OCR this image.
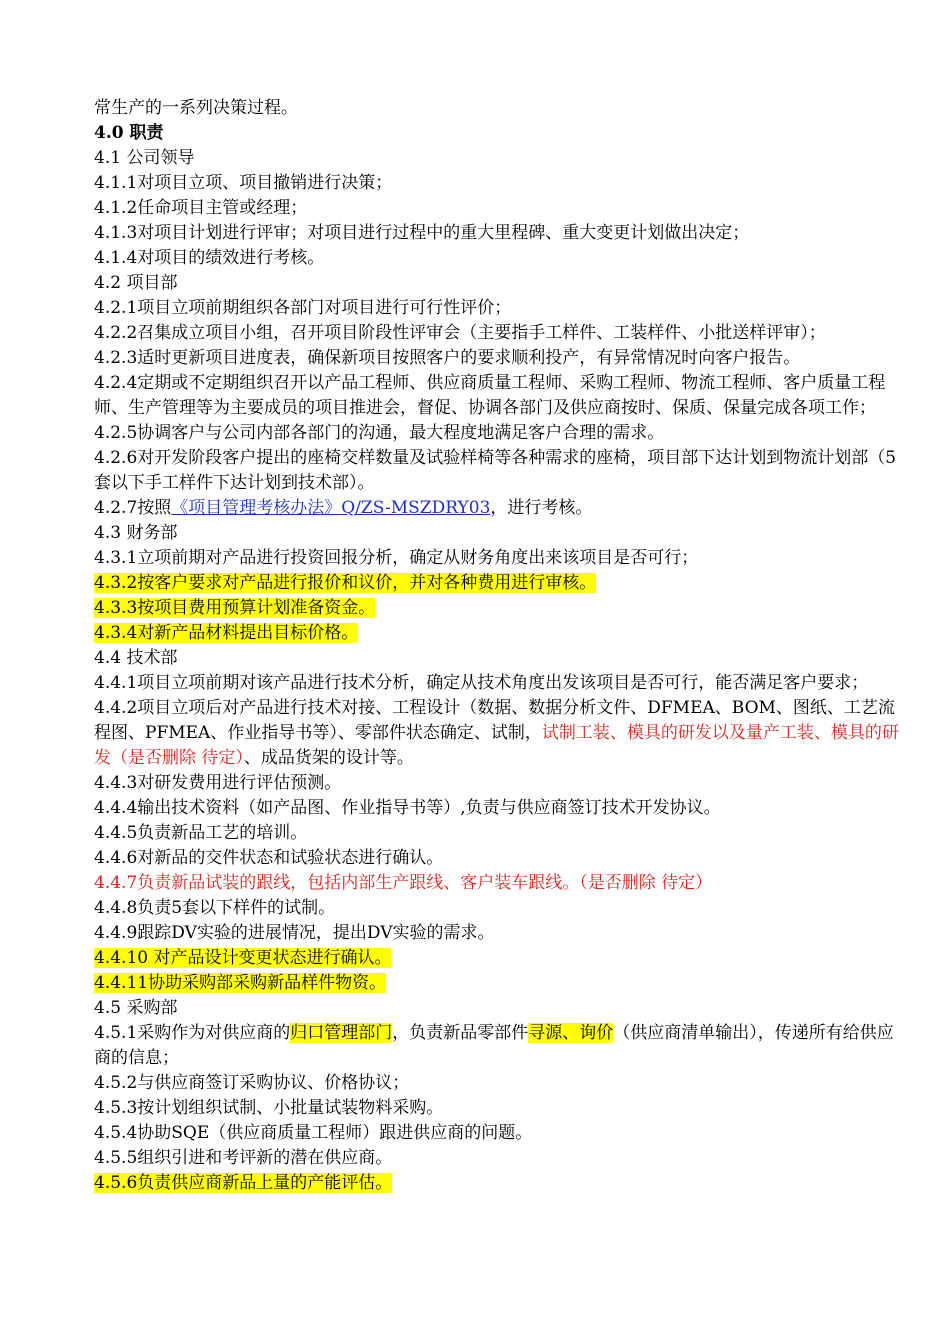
常生产的一系列决策过程。

4.0 职责

4.1 公司领导

4.1.1对项目立项、项目撤销进行决策；

4.1.2任命项目主管或经理；

4.1.3对项目计划进行评审；对项目进行过程中的重大里程碑、重大变更计划做出决定；

4.1.4对项目的绩效进行考核。

4.2 项目部

4.2.1项目立项前期组织各部门对项目进行可行性评价；

4.2.2召集成立项目小组，召开项目阶段性评审会（主要指手工样件、工装样件、小批送样评审）；

4.2.3适时更新项目进度表，确保新项目按照客户的要求顺利投产，有异常情况时向客户报告。

4.2.4定期或不定期组织召开以产品工程师、供应商质量工程师、采购工程师、物流工程师、客户质量工程师、生产管理等为主要成员的项目推进会，督促、协调各部门及供应商按时、保质、保量完成各项工作；

4.2.5协调客户与公司内部各部门的沟通，最大程度地满足客户合理的需求。

4.2.6对开发阶段客户提出的座椅交样数量及试验样椅等各种需求的座椅，项目部下达计划到物流计划部（5套以下手工样件下达计划到技术部）。

4.2.7按照《项目管理考核办法》Q/ZS-MSZDRY03，进行考核。

4.3 财务部

4.3.1立项前期对产品进行投资回报分析，确定从财务角度出来该项目是否可行；

4.3.2按客户要求对产品进行报价和议价，并对各种费用进行审核。

4.3.3按项目费用预算计划准备资金。

4.3.4对新产品材料提出目标价格。

4.4 技术部

4.4.1项目立项前期对该产品进行技术分析，确定从技术角度出发该项目是否可行，能否满足客户要求；

4.4.2项目立项后对产品进行技术对接、工程设计（数据、数据分析文件、DFMEA、BOM、图纸、工艺流程图、PFMEA、作业指导书等）、零部件状态确定、试制，试制工装、模具的研发以及量产工装、模具的研发（是否删除 待定）、成品货架的设计等。

4.4.3对研发费用进行评估预测。

4.4.4输出技术资料（如产品图、作业指导书等）,负责与供应商签订技术开发协议。

4.4.5负责新品工艺的培训。

4.4.6对新品的交件状态和试验状态进行确认。

4.4.7负责新品试装的跟线，包括内部生产跟线、客户装车跟线。（是否删除 待定）

4.4.8负责5套以下样件的试制。

4.4.9跟踪DV实验的进展情况，提出DV实验的需求。

4.4.10 对产品设计变更状态进行确认。

4.4.11协助采购部采购新品样件物资。

4.5 采购部

4.5.1采购作为对供应商的归口管理部门，负责新品零部件寻源、询价（供应商清单输出），传递所有给供应商的信息；

4.5.2与供应商签订采购协议、价格协议；

4.5.3按计划组织试制、小批量试装物料采购。

4.5.4协助SQE（供应商质量工程师）跟进供应商的问题。

4.5.5组织引进和考评新的潜在供应商。

4.5.6负责供应商新品上量的产能评估。
